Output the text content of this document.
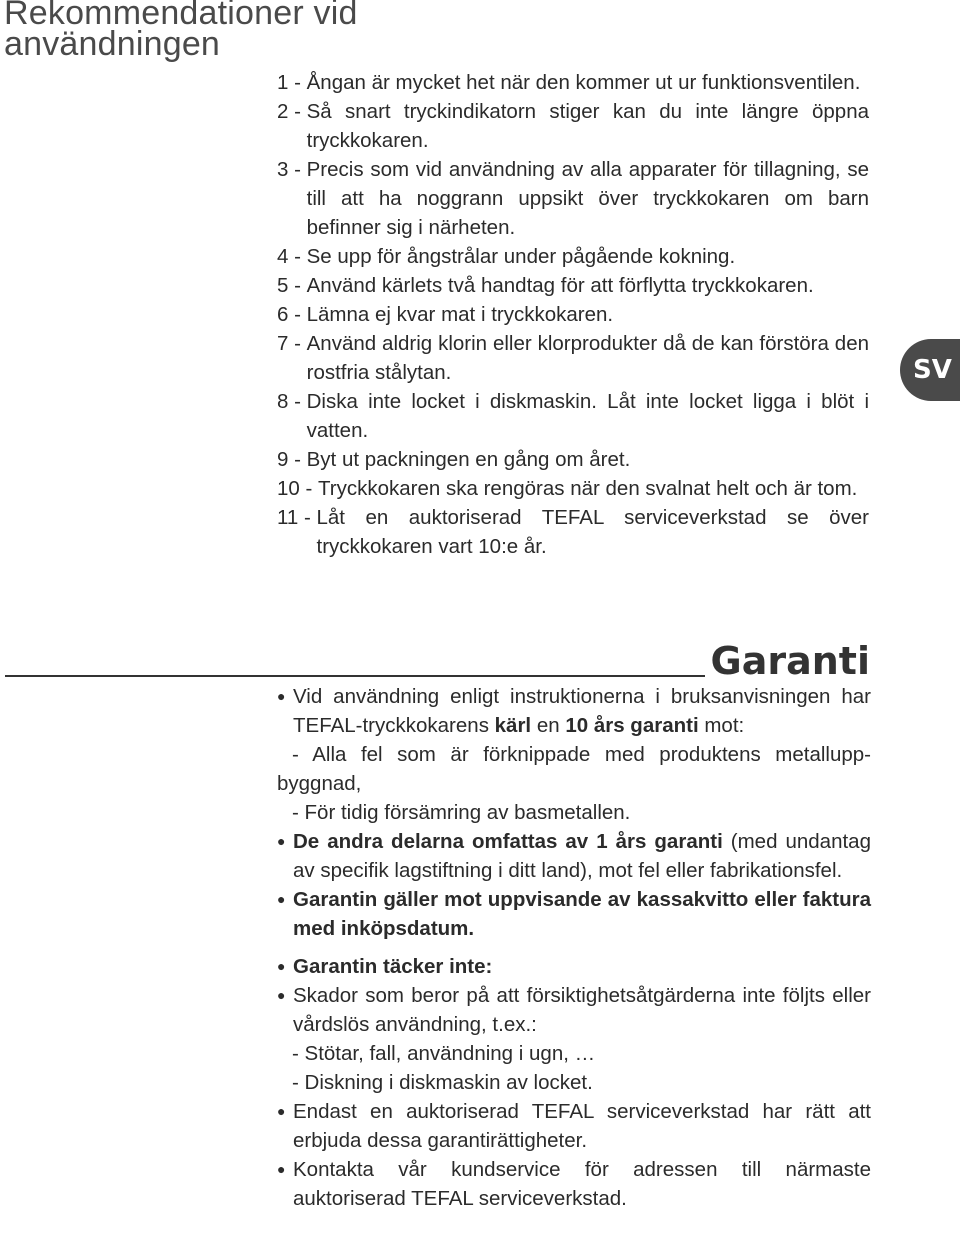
Rekommendationer vid användningen
1 - Ångan är mycket het när den kommer ut ur funktionsventilen.
2 - Så snart tryckindikatorn stiger kan du inte längre öppna tryckkokaren.
3 - Precis som vid användning av alla apparater för tillagning, se till att ha noggrann uppsikt över tryckkokaren om barn befinner sig i närheten.
4 - Se upp för ångstrålar under pågående kokning.
5 - Använd kärlets två handtag för att förflytta tryckkokaren.
6 - Lämna ej kvar mat i tryckkokaren.
7 - Använd aldrig klorin eller klorprodukter då de kan förstöra den rostfria stålytan.
8 - Diska inte locket i diskmaskin. Låt inte locket ligga i blöt i vatten.
9 - Byt ut packningen en gång om året.
10 - Tryckkokaren ska rengöras när den svalnat helt och är tom.
11 - Låt en auktoriserad TEFAL serviceverkstad se över tryckkokaren vart 10:e år.
SV
Garanti
● Vid användning enligt instruktionerna i bruksanvisningen har TEFAL-tryckkokarens kärl en 10 års garanti mot:
- Alla fel som är förknippade med produktens metallupp-byggnad,
- För tidig försämring av basmetallen.
● De andra delarna omfattas av 1 års garanti (med undantag av specifik lagstiftning i ditt land), mot fel eller fabrikationsfel.
● Garantin gäller mot uppvisande av kassakvitto eller faktura med inköpsdatum.
● Garantin täcker inte:
● Skador som beror på att försiktighetsåtgärderna inte följts eller vårdslös användning, t.ex.:
- Stötar, fall, användning i ugn, …
- Diskning i diskmaskin av locket.
● Endast en auktoriserad TEFAL serviceverkstad har rätt att erbjuda dessa garantirättigheter.
● Kontakta vår kundservice för adressen till närmaste auktoriserad TEFAL serviceverkstad.
